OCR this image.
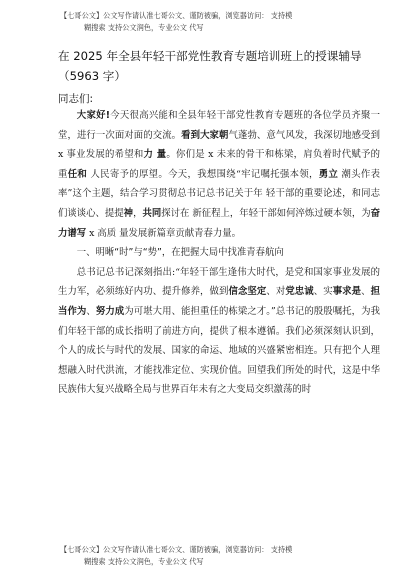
【七哥公文】公文写作请认准七哥公文、谨防被骗，浏览器访问： 支持模
糊搜索 支持公文润色，专业公文 代写
在 2025 年全县年轻干部党性教育专题培训班上的授课辅导 （5963 字）
同志们:

大家好!今天很高兴能和全县年轻干部党性教育专题班的各位学员齐聚一堂，进行一次面对面的交流。看到大家朝气蓬勃、意气风发，我深切地感受到 x 事业发展的希望和力 量。你们是 x 未来的骨干和栋梁，肩负着时代赋予的重任和 人民寄予的厚望。今天，我想围绕“牢记嘱托强本领，勇立 潮头作表率”这个主题，结合学习贯彻总书记总书记关于年 轻干部的重要论述，和同志们谈谈心、提提神，共同探讨在 新征程上，年轻干部如何淬炼过硬本领，为奋力谱写 x 高质 量发展新篇章贡献青春力量。

一、明晰“时”与“势”，在把握大局中找准青春航向

总书记总书记深刻指出:“年轻干部生逢伟大时代，是党和国家事业发展的生力军，必须练好内功、提升修养，做到信念坚定、对党忠诚、实事求是、担当作为、努力成为可堪大用、能担重任的栋梁之才。”总书记的殷殷嘱托，为我们年轻干部的成长指明了前进方向，提供了根本遵循。我们必须深刻认识到，个人的成长与时代的发展、国家的命运、地域的兴盛紧密相连。只有把个人理想融入时代洪流，才能找准定位、实现价值。回望我们所处的时代，这是中华民族伟大复兴战略全局与世界百年未有之大变局交织激荡的时

【七哥公文】公文写作请认准七哥公文、谨防被骗，浏览器访问： 支持模
糊搜索 支持公文润色，专业公文 代写
